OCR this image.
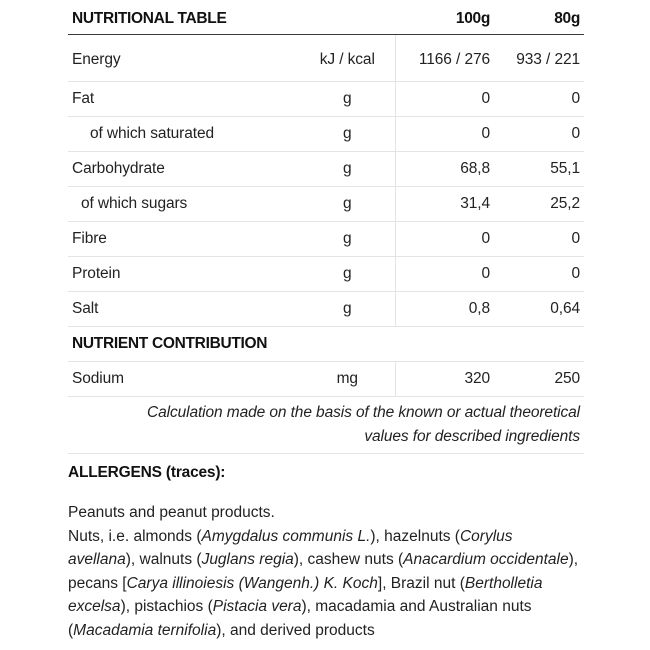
NUTRITIONAL TABLE		100g	80g
Energy	kJ / kcal	1166 / 276	933 / 221
Fat	g	0	0
of which saturated	g	0	0
Carbohydrate	g	68,8	55,1
of which sugars	g	31,4	25,2
Fibre	g	0	0
Protein	g	0	0
Salt	g	0,8	0,64
NUTRIENT CONTRIBUTION			
Sodium	mg	320	250
Calculation made on the basis of the known or actual theoretical
values for described ingredients			
ALLERGENS (traces):

Peanuts and peanut products.

Nuts, i.e. almonds (Amygdalus communis L.), hazelnuts (Corylus avellana), walnuts (Juglans regia), cashew nuts (Anacardium occidentale), pecans [Carya illinoiesis (Wangenh.) K. Koch], Brazil nut (Bertholletia excelsa), pistachios (Pistacia vera), macadamia and Australian nuts (Macadamia ternifolia), and derived products
